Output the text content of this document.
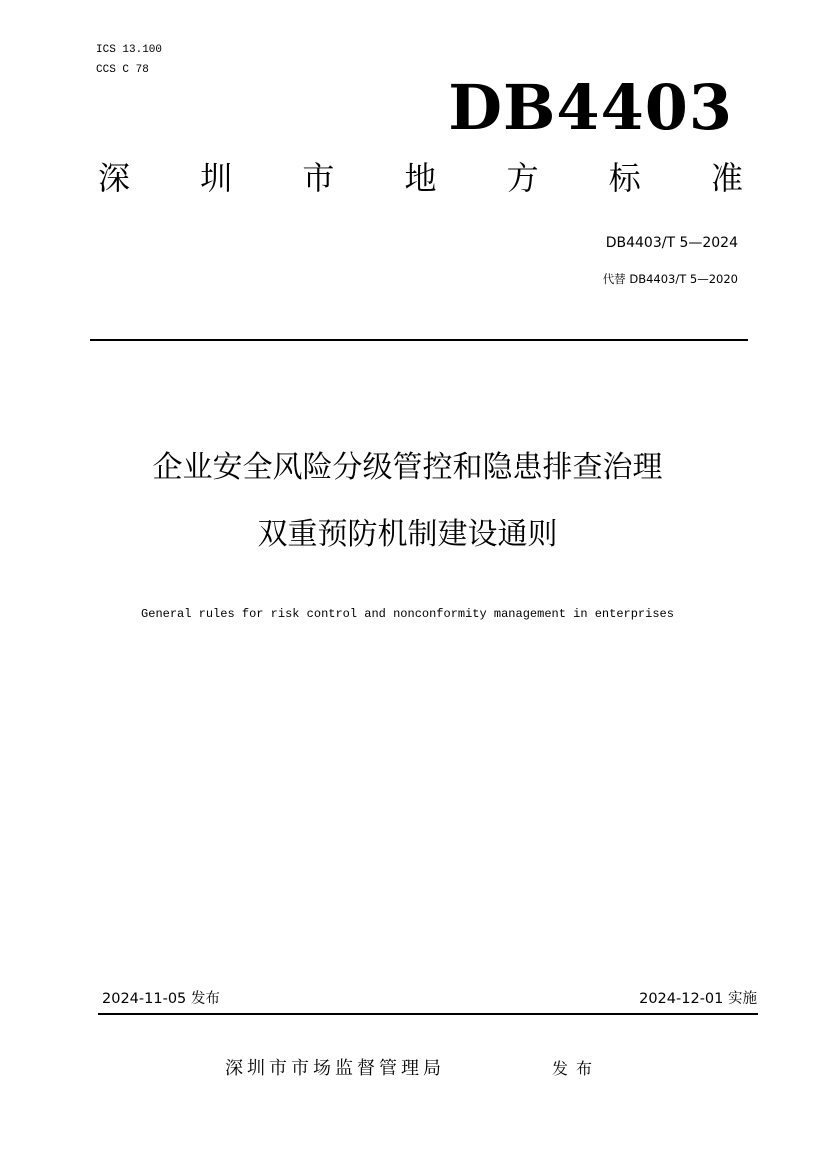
ICS 13.100
CCS C 78
DB4403
深 圳 市 地 方 标 准
DB4403/T 5—2024
代替 DB4403/T 5—2020
企业安全风险分级管控和隐患排查治理
双重预防机制建设通则
General rules for risk control and nonconformity management in enterprises
2024-11-05 发布	2024-12-01 实施
深圳市市场监督管理局	发布
